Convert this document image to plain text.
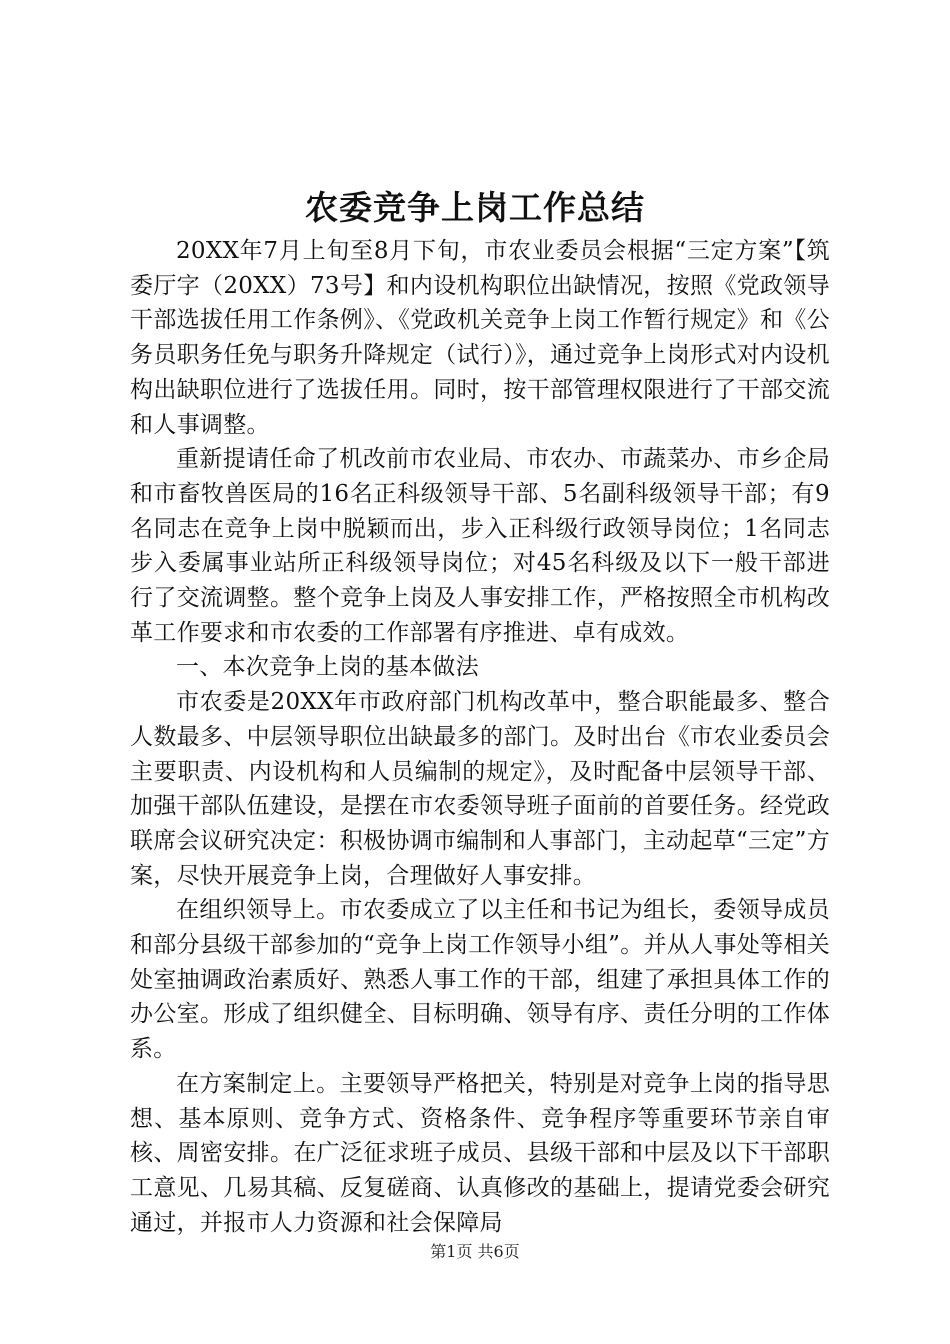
农委竞争上岗工作总结

20XX年7月上旬至8月下旬，市农业委员会根据“三定方案”【筑委厅字（20XX）73号】和内设机构职位出缺情况，按照《党政领导干部选拔任用工作条例》、《党政机关竞争上岗工作暂行规定》和《公务员职务任免与职务升降规定（试行）》，通过竞争上岗形式对内设机构出缺职位进行了选拔任用。同时，按干部管理权限进行了干部交流和人事调整。

重新提请任命了机改前市农业局、市农办、市蔬菜办、市乡企局和市畜牧兽医局的16名正科级领导干部、5名副科级领导干部；有9名同志在竞争上岗中脱颖而出，步入正科级行政领导岗位；1名同志步入委属事业站所正科级领导岗位；对45名科级及以下一般干部进行了交流调整。整个竞争上岗及人事安排工作，严格按照全市机构改革工作要求和市农委的工作部署有序推进、卓有成效。

一、本次竞争上岗的基本做法

市农委是20XX年市政府部门机构改革中，整合职能最多、整合人数最多、中层领导职位出缺最多的部门。及时出台《市农业委员会主要职责、内设机构和人员编制的规定》，及时配备中层领导干部、加强干部队伍建设，是摆在市农委领导班子面前的首要任务。经党政联席会议研究决定：积极协调市编制和人事部门，主动起草“三定”方案，尽快开展竞争上岗，合理做好人事安排。

在组织领导上。市农委成立了以主任和书记为组长，委领导成员和部分县级干部参加的“竞争上岗工作领导小组”。并从人事处等相关处室抽调政治素质好、熟悉人事工作的干部，组建了承担具体工作的办公室。形成了组织健全、目标明确、领导有序、责任分明的工作体系。

在方案制定上。主要领导严格把关，特别是对竞争上岗的指导思想、基本原则、竞争方式、资格条件、竞争程序等重要环节亲自审核、周密安排。在广泛征求班子成员、县级干部和中层及以下干部职工意见、几易其稿、反复磋商、认真修改的基础上，提请党委会研究通过，并报市人力资源和社会保障局

第1页 共6页
